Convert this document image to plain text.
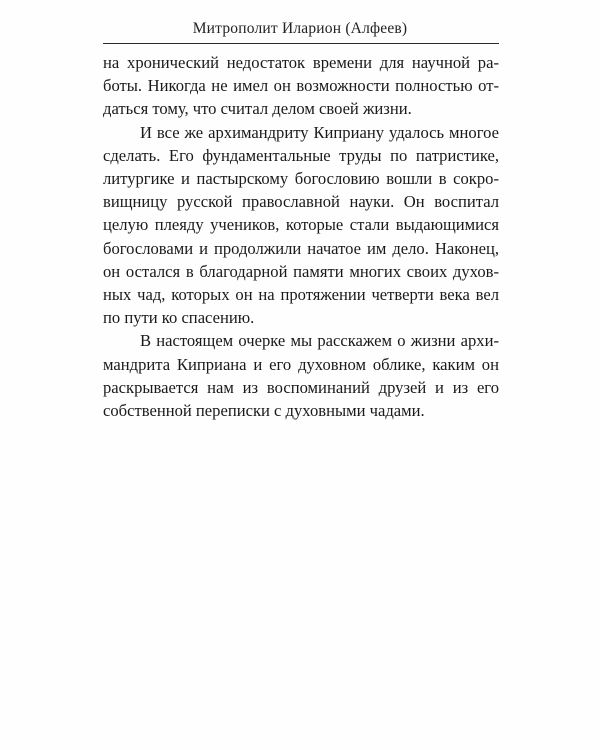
Митрополит Иларион (Алфеев)

на хронический недостаток времени для научной ра-
боты. Никогда не имел он возможности полностью от-
даться тому, что считал делом своей жизни.

И все же архимандриту Киприану удалось многое
сделать. Его фундаментальные труды по патристике,
литургике и пастырскому богословию вошли в сокро-
вищницу русской православной науки. Он воспитал
целую плеяду учеников, которые стали выдающимися
богословами и продолжили начатое им дело. Наконец,
он остался в благодарной памяти многих своих духов-
ных чад, которых он на протяжении четверти века вел
по пути ко спасению.

В настоящем очерке мы расскажем о жизни архи-
мандрита Киприана и его духовном облике, каким он
раскрывается нам из воспоминаний друзей и из его
собственной переписки с духовными чадами.
